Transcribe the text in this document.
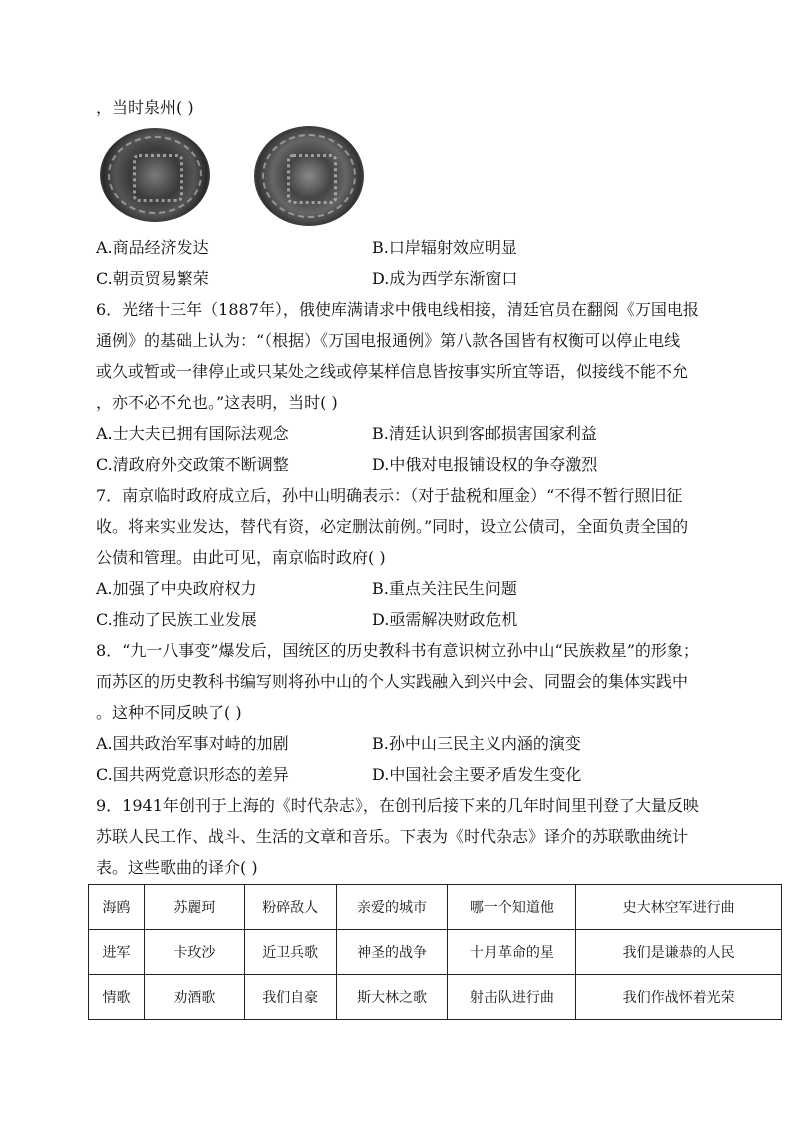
，当时泉州( )
A.商品经济发达	B.口岸辐射效应明显
C.朝贡贸易繁荣	D.成为西学东渐窗口
6．光绪十三年（1887年），俄使库满请求中俄电线相接，清廷官员在翻阅《万国电报
通例》的基础上认为：“（根据）《万国电报通例》第八款各国皆有权衡可以停止电线
或久或暂或一律停止或只某处之线或停某样信息皆按事实所宜等语，似接线不能不允
，亦不必不允也。”这表明，当时( )
A.士大夫已拥有国际法观念	B.清廷认识到客邮损害国家利益
C.清政府外交政策不断调整	D.中俄对电报铺设权的争夺激烈
7．南京临时政府成立后，孙中山明确表示：（对于盐税和厘金）“不得不暂行照旧征
收。将来实业发达，替代有资，必定删汰前例。”同时，设立公债司，全面负责全国的
公债和管理。由此可见，南京临时政府( )
A.加强了中央政府权力	B.重点关注民生问题
C.推动了民族工业发展	D.亟需解决财政危机
8．“九一八事变”爆发后，国统区的历史教科书有意识树立孙中山“民族救星”的形象；
而苏区的历史教科书编写则将孙中山的个人实践融入到兴中会、同盟会的集体实践中
。这种不同反映了( )
A.国共政治军事对峙的加剧	B.孙中山三民主义内涵的演变
C.国共两党意识形态的差异	D.中国社会主要矛盾发生变化
9．1941年创刊于上海的《时代杂志》，在创刊后接下来的几年时间里刊登了大量反映
苏联人民工作、战斗、生活的文章和音乐。下表为《时代杂志》译介的苏联歌曲统计
表。这些歌曲的译介( )
海鸥	苏麗珂	粉碎敌人	亲爱的城市	哪一个知道他	史大林空军进行曲
进军	卡玫沙	近卫兵歌	神圣的战争	十月革命的星	我们是谦恭的人民
情歌	劝酒歌	我们自豪	斯大林之歌	射击队进行曲	我们作战怀着光荣
